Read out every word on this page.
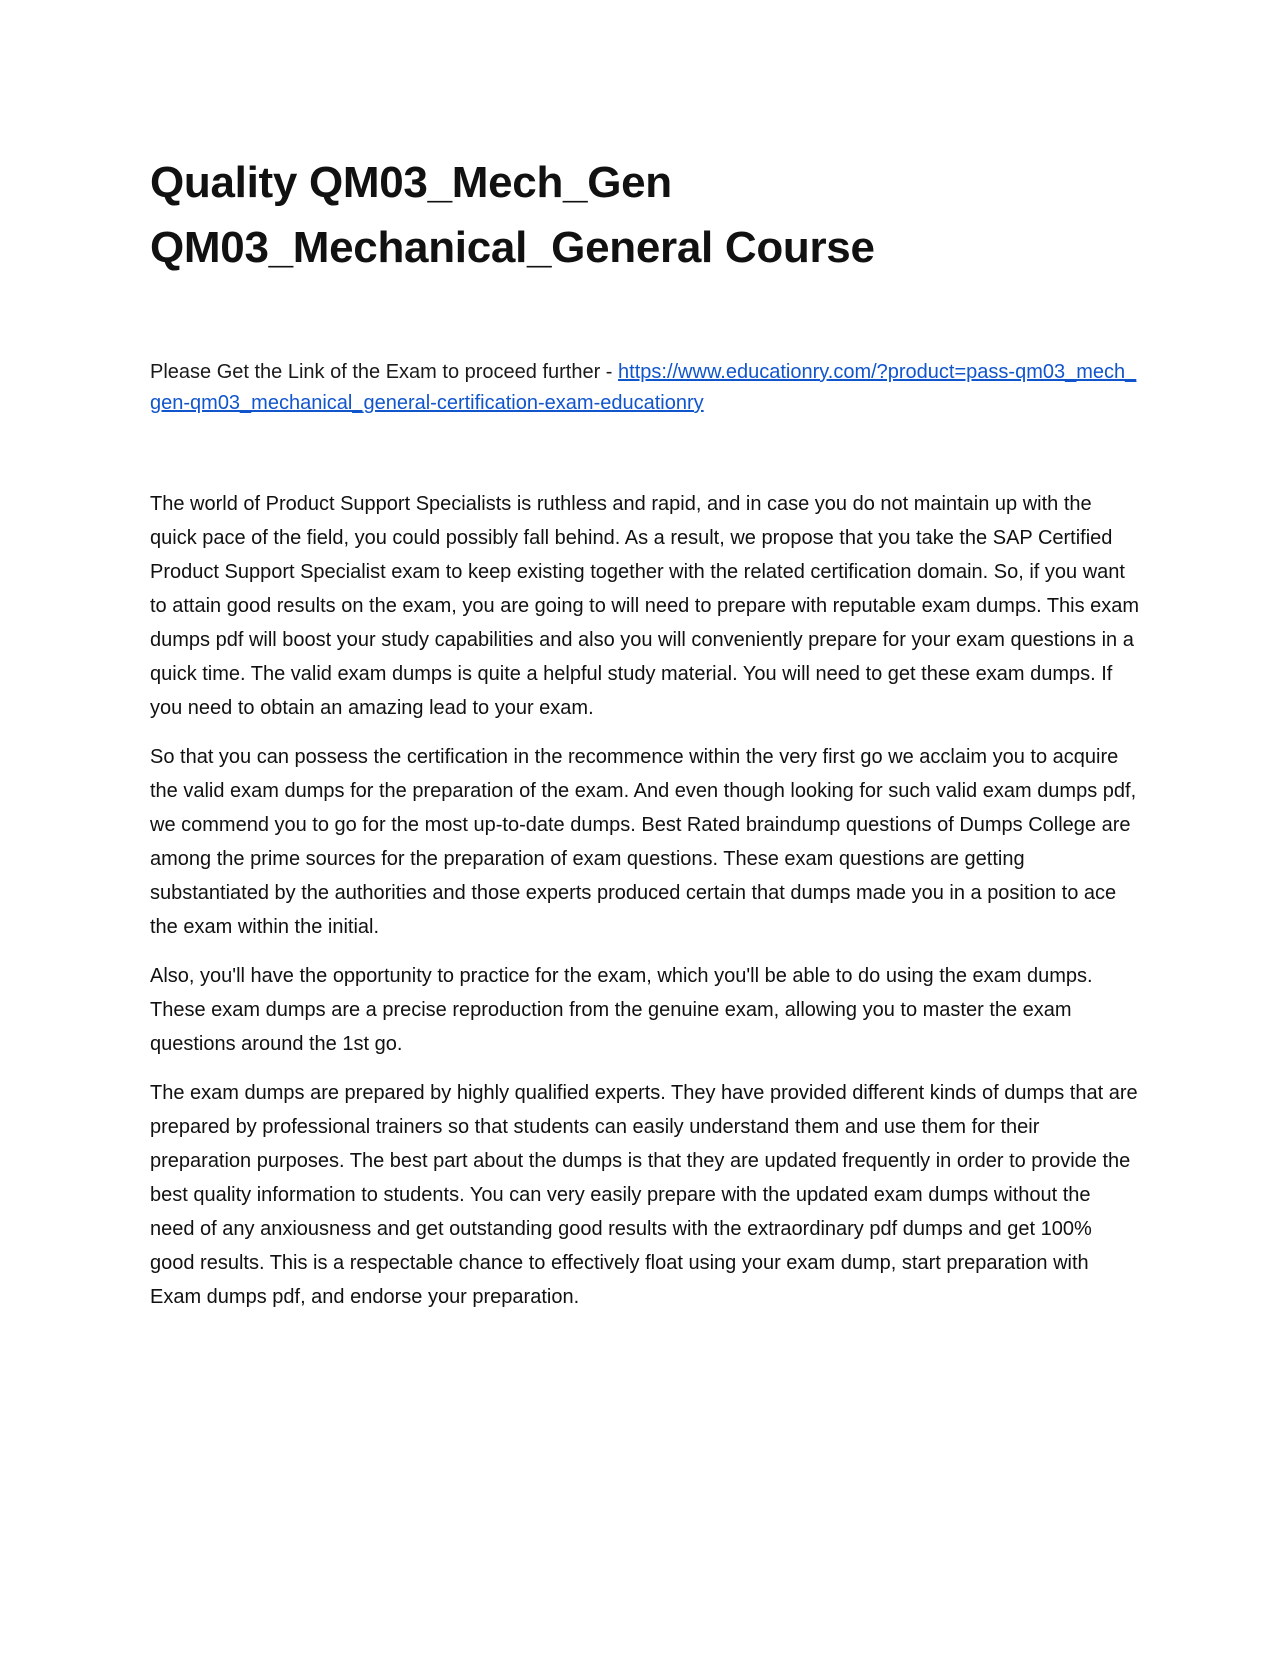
Quality QM03_Mech_Gen
QM03_Mechanical_General Course
Please Get the Link of the Exam to proceed further - https://www.educationry.com/?product=pass-qm03_mech_gen-qm03_mechanical_general-certification-exam-educationry

The world of Product Support Specialists is ruthless and rapid, and in case you do not maintain up with the quick pace of the field, you could possibly fall behind. As a result, we propose that you take the SAP Certified Product Support Specialist exam to keep existing together with the related certification domain. So, if you want to attain good results on the exam, you are going to will need to prepare with reputable exam dumps. This exam dumps pdf will boost your study capabilities and also you will conveniently prepare for your exam questions in a quick time. The valid exam dumps is quite a helpful study material. You will need to get these exam dumps. If you need to obtain an amazing lead to your exam.

So that you can possess the certification in the recommence within the very first go we acclaim you to acquire the valid exam dumps for the preparation of the exam. And even though looking for such valid exam dumps pdf, we commend you to go for the most up-to-date dumps. Best Rated braindump questions of Dumps College are among the prime sources for the preparation of exam questions. These exam questions are getting substantiated by the authorities and those experts produced certain that dumps made you in a position to ace the exam within the initial.

Also, you'll have the opportunity to practice for the exam, which you'll be able to do using the exam dumps. These exam dumps are a precise reproduction from the genuine exam, allowing you to master the exam questions around the 1st go.

The exam dumps are prepared by highly qualified experts. They have provided different kinds of dumps that are prepared by professional trainers so that students can easily understand them and use them for their preparation purposes. The best part about the dumps is that they are updated frequently in order to provide the best quality information to students. You can very easily prepare with the updated exam dumps without the need of any anxiousness and get outstanding good results with the extraordinary pdf dumps and get 100% good results. This is a respectable chance to effectively float using your exam dump, start preparation with Exam dumps pdf, and endorse your preparation.
